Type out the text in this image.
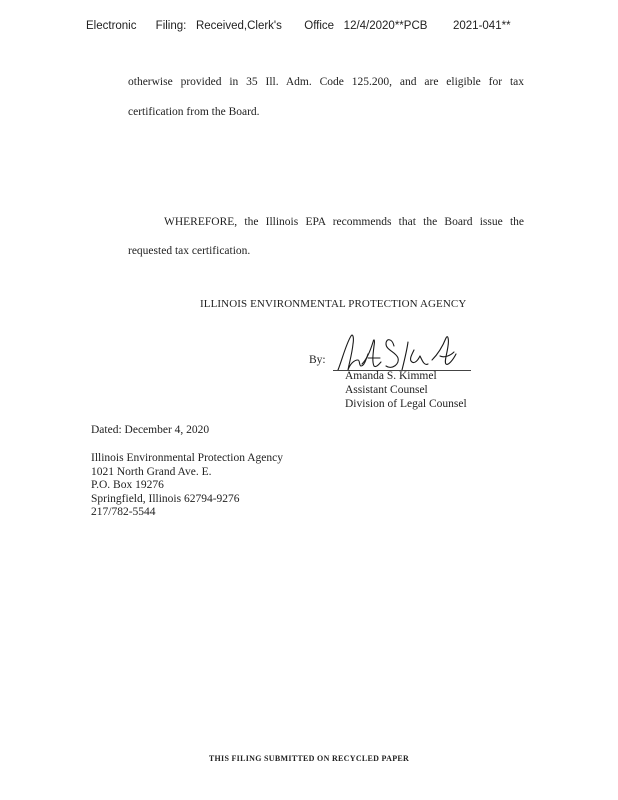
Electronic Filing: Received,Clerk's Office 12/4/2020**PCB 2021-041**
otherwise provided in 35 Ill. Adm. Code 125.200, and are eligible for tax
certification from the Board.
WHEREFORE, the Illinois EPA recommends that the Board issue the
requested tax certification.
ILLINOIS ENVIRONMENTAL PROTECTION AGENCY
By:
Amanda S. Kimmel
Assistant Counsel
Division of Legal Counsel
Dated: December 4, 2020
Illinois Environmental Protection Agency
1021 North Grand Ave. E.
P.O. Box 19276
Springfield, Illinois 62794-9276
217/782-5544
THIS FILING SUBMITTED ON RECYCLED PAPER
